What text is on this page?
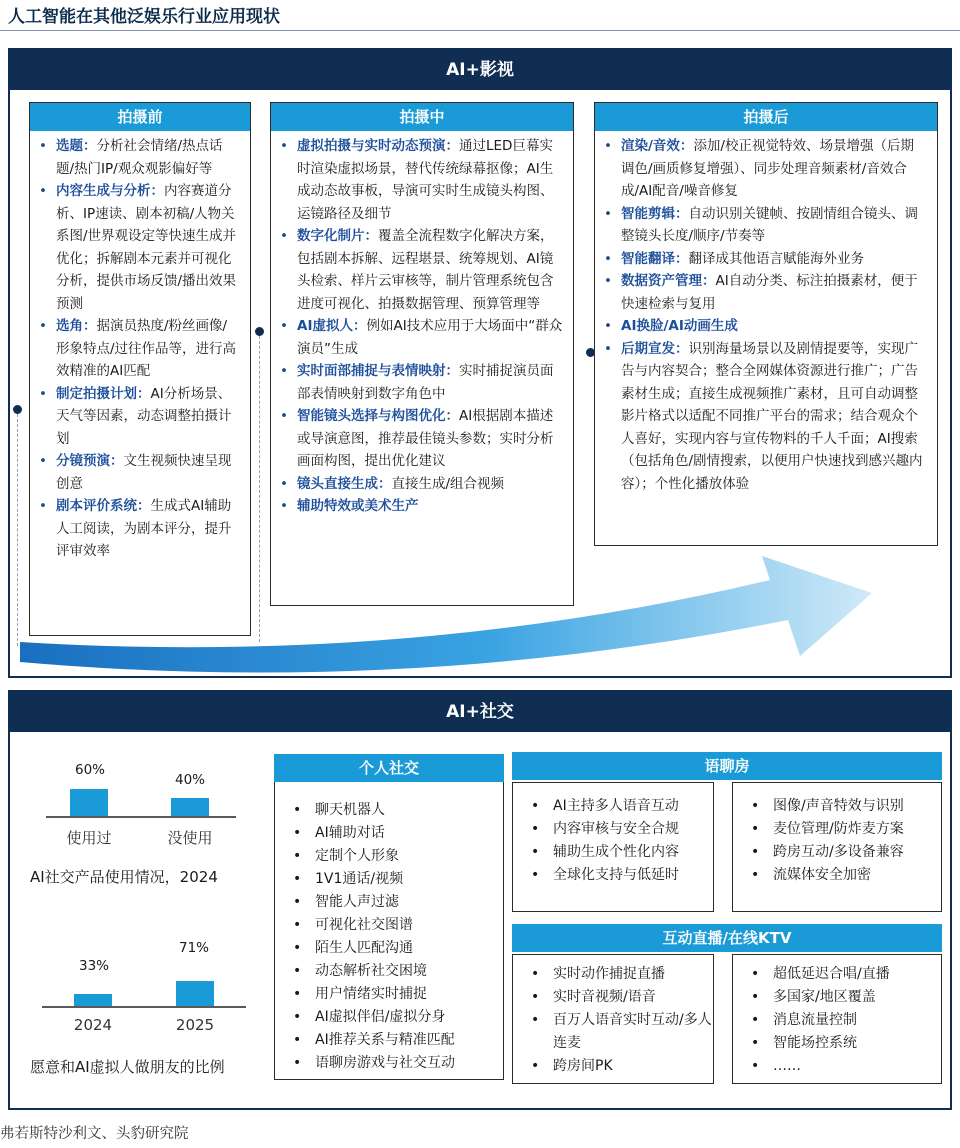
人工智能在其他泛娱乐行业应用现状
AI+影视
拍摄前
• 选题：分析社会情绪/热点话题/热门IP/观众观影偏好等
• 内容生成与分析：内容赛道分析、IP速读、剧本初稿/人物关系图/世界观设定等快速生成并优化；拆解剧本元素并可视化分析，提供市场反馈/播出效果预测
• 选角：据演员热度/粉丝画像/形象特点/过往作品等，进行高效精准的AI匹配
• 制定拍摄计划：AI分析场景、天气等因素，动态调整拍摄计划
• 分镜预演：文生视频快速呈现创意
• 剧本评价系统：生成式AI辅助人工阅读，为剧本评分，提升评审效率
拍摄中
• 虚拟拍摄与实时动态预演：通过LED巨幕实时渲染虚拟场景，替代传统绿幕抠像；AI生成动态故事板，导演可实时生成镜头构图、运镜路径及细节
• 数字化制片：覆盖全流程数字化解决方案，包括剧本拆解、远程堪景、统筹规划、AI镜头检索、样片云审核等，制片管理系统包含进度可视化、拍摄数据管理、预算管理等
• AI虚拟人：例如AI技术应用于大场面中“群众演员”生成
• 实时面部捕捉与表情映射：实时捕捉演员面部表情映射到数字角色中
• 智能镜头选择与构图优化：AI根据剧本描述或导演意图，推荐最佳镜头参数；实时分析画面构图，提出优化建议
• 镜头直接生成：直接生成/组合视频
• 辅助特效或美术生产
拍摄后
• 渲染/音效：添加/校正视觉特效、场景增强（后期调色/画质修复增强）、同步处理音频素材/音效合成/AI配音/噪音修复
• 智能剪辑：自动识别关键帧、按剧情组合镜头、调整镜头长度/顺序/节奏等
• 智能翻译：翻译成其他语言赋能海外业务
• 数据资产管理：AI自动分类、标注拍摄素材，便于快速检索与复用
• AI换脸/AI动画生成
• 后期宣发：识别海量场景以及剧情提要等，实现广告与内容契合；整合全网媒体资源进行推广；广告素材生成；直接生成视频推广素材，且可自动调整影片格式以适配不同推广平台的需求；结合观众个人喜好，实现内容与宣传物料的千人千面；AI搜索（包括角色/剧情搜索，以便用户快速找到感兴趣内容）；个性化播放体验
AI+社交
60%
40%
使用过	没使用
AI社交产品使用情况，2024
33%
71%
2024	2025
愿意和AI虚拟人做朋友的比例
个人社交
• 聊天机器人
• AI辅助对话
• 定制个人形象
• 1V1通话/视频
• 智能人声过滤
• 可视化社交图谱
• 陌生人匹配沟通
• 动态解析社交困境
• 用户情绪实时捕捉
• AI虚拟伴侣/虚拟分身
• AI推荐关系与精准匹配
• 语聊房游戏与社交互动
语聊房
• AI主持多人语音互动
• 内容审核与安全合规
• 辅助生成个性化内容
• 全球化支持与低延时
• 图像/声音特效与识别
• 麦位管理/防炸麦方案
• 跨房互动/多设备兼容
• 流媒体安全加密
互动直播/在线KTV
• 实时动作捕捉直播
• 实时音视频/语音
• 百万人语音实时互动/多人连麦
• 跨房间PK
• 超低延迟合唱/直播
• 多国家/地区覆盖
• 消息流量控制
• 智能场控系统
• ……
弗若斯特沙利文、头豹研究院
